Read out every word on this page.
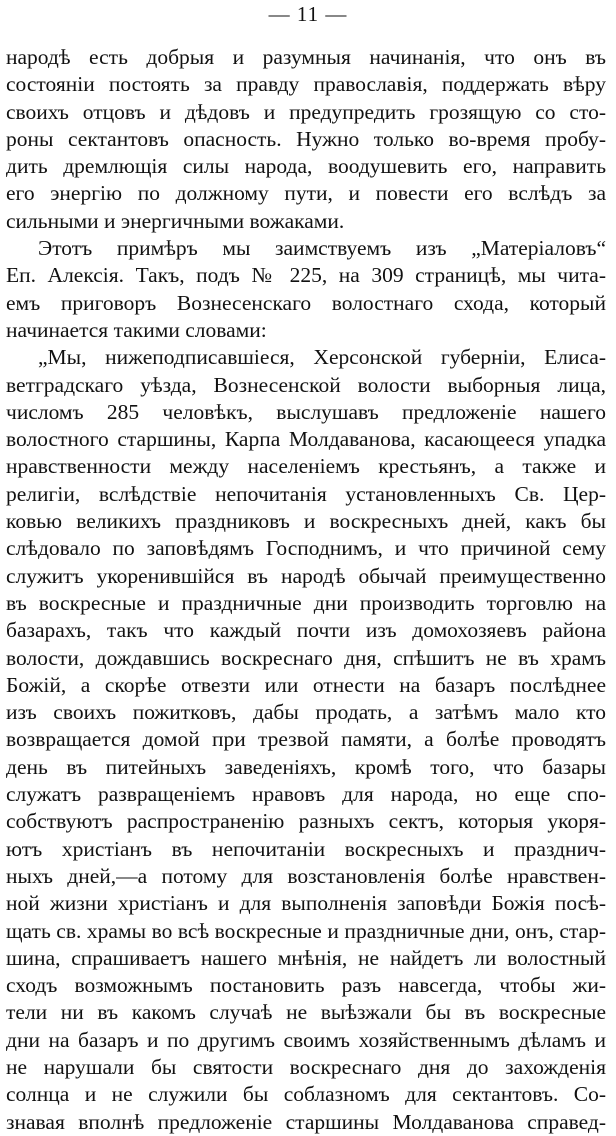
— 11 —
народѣ есть добрыя и разумныя начинанія, что онъ въ
состояніи постоять за правду православія, поддержать вѣру
своихъ отцовъ и дѣдовъ и предупредить грозящую со сто-
роны сектантовъ опасность. Нужно только во-время пробу-
дить дремлющія силы народа, воодушевить его, направить
его энергію по должному пути, и повести его вслѣдъ за
сильными и энергичными вожаками.
Этотъ примѣръ мы заимствуемъ изъ „Матеріаловъ“
Еп. Алексія. Такъ, подъ № 225, на 309 страницѣ, мы чита-
емъ приговоръ Вознесенскаго волостнаго схода, который
начинается такими словами:
„Мы, нижеподписавшіеся, Херсонской губерніи, Елиса-
ветградскаго уѣзда, Вознесенской волости выборныя лица,
числомъ 285 человѣкъ, выслушавъ предложеніе нашего
волостного старшины, Карпа Молдаванова, касающееся упадка
нравственности между населеніемъ крестьянъ, а также и
религіи, вслѣдствіе непочитанія установленныхъ Св. Цер-
ковью великихъ праздниковъ и воскресныхъ дней, какъ бы
слѣдовало по заповѣдямъ Господнимъ, и что причиной сему
служитъ укоренившійся въ народѣ обычай преимущественно
въ воскресные и праздничные дни производить торговлю на
базарахъ, такъ что каждый почти изъ домохозяевъ района
волости, дождавшись воскреснаго дня, спѣшитъ не въ храмъ
Божій, а скорѣе отвезти или отнести на базаръ послѣднее
изъ своихъ пожитковъ, дабы продать, а затѣмъ мало кто
возвращается домой при трезвой памяти, а болѣе проводятъ
день въ питейныхъ заведеніяхъ, кромѣ того, что базары
служатъ развращеніемъ нравовъ для народа, но еще спо-
собствуютъ распространенію разныхъ сектъ, которыя укоря-
ютъ христіанъ въ непочитаніи воскресныхъ и празднич-
ныхъ дней,—а потому для возстановленія болѣе нравствен-
ной жизни христіанъ и для выполненія заповѣди Божія посѣ-
щать св. храмы во всѣ воскресные и праздничные дни, онъ, стар-
шина, спрашиваетъ нашего мнѣнія, не найдетъ ли волостный
сходъ возможнымъ постановить разъ навсегда, чтобы жи-
тели ни въ какомъ случаѣ не выѣзжали бы въ воскресные
дни на базаръ и по другимъ своимъ хозяйственнымъ дѣламъ и
не нарушали бы святости воскреснаго дня до захожденія
солнца и не служили бы соблазномъ для сектантовъ. Со-
знавая вполнѣ предложеніе старшины Молдаванова справед-
